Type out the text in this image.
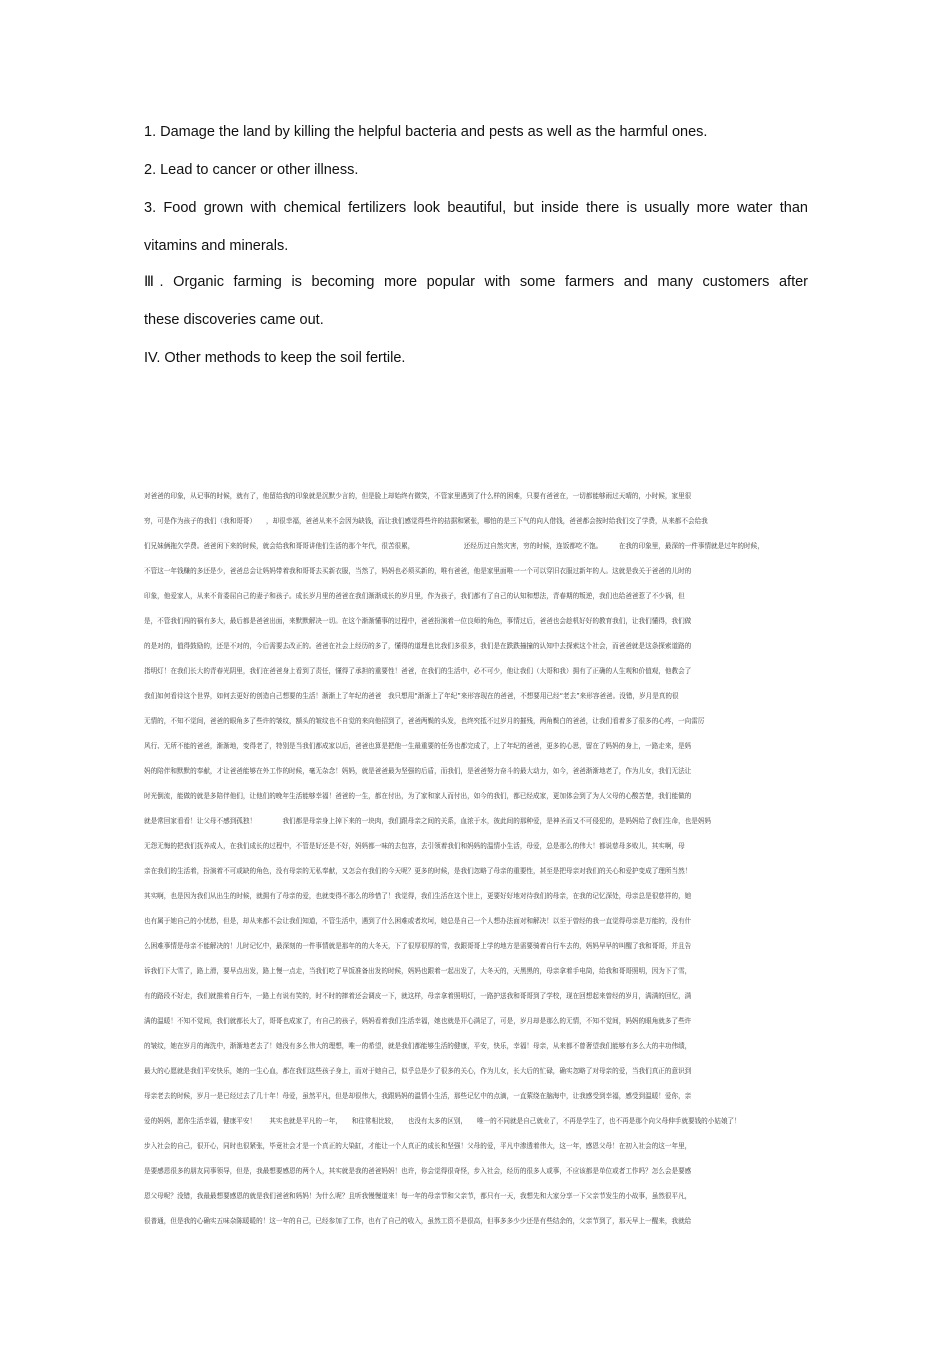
1. Damage the land by killing the helpful bacteria and pests as well as the harmful ones.
2. Lead to cancer or other illness.
3. Food grown with chemical fertilizers look beautiful, but inside there is usually more water than
vitamins and minerals.
Ⅲ. Organic farming is becoming more popular with some farmers and many customers after
these discoveries came out.
IV. Other methods to keep the soil fertile.
对爸爸的印象，从记事的时候，就有了，他留给我的印象就是沉默少言的，但是脸上却始终有微笑，不管家里遇到了什么样的困难，只要有爸爸在，一切都能够雨过天晴的，小时候，家里很
穷，可是作为孩子的我们（我和哥哥）　　，却很幸福，爸爸从来不会因为缺钱，而让我们感觉得些许的拮据和紧张，哪怕的是三下气的向人借钱，爸爸都会按时给我们交了学费，从来都不会给我
们兄妹俩拖欠学费。爸爸闲下来的时候，就会给我和哥哥讲他们生活的那个年代，很苦很累，　　　　　　　　还经历过自然灾害，穷的时候，连饭都吃不饱。　　　在我的印象里，最深的一件事情就是过年的时候，
不管这一年钱赚的多还是少，爸爸总会让妈妈带着我和哥哥去买新衣服，当然了，妈妈也必须买新的，唯有爸爸，他是家里面唯一一个可以穿旧衣服过新年的人。这就是我关于爸爸的儿时的
印象，他爱家人，从来不肯委屈自己的妻子和孩子。成长岁月里的爸爸在我们渐渐成长的岁月里，作为孩子，我们都有了自己的认知和想法，青春期的叛逆，我们也给爸爸惹了不少祸，但
是，不管我们闯的祸有多大，最后都是爸爸出面，来默默解决一切。在这个渐渐懂事的过程中，爸爸扮演着一位良师的角色，事情过后，爸爸也会趁机好好的教育我们，让我们懂得，我们做
的是对的，值得鼓励的，还是不对的，今后需要去改正的。爸爸在社会上经历的多了，懂得的道理也比我们多很多，我们是在跌跌撞撞的认知中去探索这个社会，而爸爸就是这条探索道路的
指明灯！在我们长大的青春光阴里，我们在爸爸身上看到了责任，懂得了承担的重要性！爸爸，在我们的生活中，必不可少，他让我们（大哥和我）拥有了正确的人生观和价值观，他教会了
我们如何看待这个世界，如何去更好的创造自己想要的生活！渐渐上了年纪的爸爸　我只想用“渐渐上了年纪”来形容现在的爸爸，不想要用已经“老去”来形容爸爸。没错，岁月是真的很
无情的，不知不觉间，爸爸的眼角多了些许的皱纹，额头的皱纹也不自觉的来向他招到了，爸爸两鬓的头发，也终究抵不过岁月的摧残，两角鬓白的爸爸，让我们看着多了很多的心疼，一向雷厉
风行、无所不能的爸爸，渐渐地，变得老了，特别是当我们都成家以后，爸爸也算是把他一生最重要的任务也都完成了，上了年纪的爸爸，更多的心思，留在了妈妈的身上，一路走来，是妈
妈的陪伴和默默的奉献，才让爸爸能够在外工作的时候，毫无杂念！妈妈，就是爸爸最为坚强的后盾，而我们，是爸爸努力奋斗的最大动力，如今，爸爸渐渐地老了，作为儿女，我们无法让
时光倒流，能做的就是多陪伴他们，让他们的晚年生活能够幸福！爸爸的一生，都在付出，为了家和家人而付出，如今的我们，都已经成家，更加体会到了为人父母的心酸苦楚，我们能做的
就是常回家看看！让父母不感到孤独！　　　　我们都是母亲身上掉下来的一块肉，我们跟母亲之间的关系，血浓于水，彼此间的那种爱，是神圣而又不可侵犯的，是妈妈给了我们生命，也是妈妈
无怨无悔的把我们抚养成人，在我们成长的过程中，不管是好还是不好，妈妈都一味的去包容，去引领着我们和妈妈的温情小生活，母爱，总是那么的伟大！都说慈母多败儿，其实啊，母
亲在我们的生活着，扮演着不可或缺的角色，没有母亲的无私奉献，又怎会有我们的今天呢？更多的时候，是我们忽略了母亲的重要性，甚至是把母亲对我们的关心和爱护变成了理所当然！
其实啊，也是因为我们从出生的时候，就拥有了母亲的爱，也就变得不那么的珍惜了！我觉得，我们生活在这个世上，更要好好地对待我们的母亲，在我的记忆深处，母亲总是很慈祥的，她
也有属于她自己的小忧愁，但是，却从来都不会让我们知道，不管生活中，遇到了什么困难或者坎坷，她总是自己一个人想办法面对和解决！以至于曾经的我一直觉得母亲是万能的，没有什
么困难事情是母亲不能解决的！儿时记忆中，最深刻的一件事情就是那年的的大冬天，下了很厚很厚的雪，我跟哥哥上学的地方是需要骑着自行车去的，妈妈早早的叫醒了我和哥哥，并且告
诉我们下大雪了，路上滑，要早点出发，路上慢一点走，当我们吃了早饭准备出发的时候，妈妈也跟着一起出发了，大冬天的，天黑黑的，母亲拿着手电筒，给我和哥哥照明，因为下了雪，
有的路段不好走，我们就推着自行车，一路上有说有笑的，时不时的摔着还会调皮一下，就这样，母亲拿着照明灯，一路护送我和哥哥到了学校，现在回想起来曾经的岁月，满满的回忆，满
满的温暖！不知不觉间，我们就都长大了，哥哥也成家了，有自己的孩子，妈妈看着我们生活幸福，她也就是开心满足了，可是，岁月却是那么的无情，不知不觉间，妈妈的眼角就多了些许
的皱纹，她在岁月的海洗中，渐渐地老去了！她没有多么伟大的理想，唯一的希望，就是我们都能够生活的健康，平安，快乐，幸福！母亲，从来都不曾奢望我们能够有多么大的丰功伟绩，
最大的心愿就是我们平安快乐，她的一生心血，都在我们这些孩子身上，而对于她自己，似乎总是少了很多的关心，作为儿女，长大后的忙碌，确实忽略了对母亲的爱，当我们真正的意识到
母亲老去的时候，岁月一是已经过去了几十年！母爱，虽然平凡，但是却很伟大，我跟妈妈的温情小生活，那些记忆中的点滴，一直萦绕在脑海中，让我感受到幸福，感受到温暖！爱你，亲
爱的妈妈，愿你生活幸福，健康平安！　　其实也就是平凡的一年，　　和往常相比较，　　也没有太多的区别，　　唯一的不同就是自己就业了，不再是学生了，也不再是那个向父母伸手就要钱的小姑娘了！
步入社会的自己，很开心，同时也很紧张，毕竟社会才是一个真正的大染缸，才能让一个人真正的成长和坚强！父母的爱，平凡中渗透着伟大，这一年，感恩父母！在初入社会的这一年里，
是要感恩很多的朋友同事领导，但是，我最想要感恩的两个人，其实就是我的爸爸妈妈！也许，你会觉得很奇怪，步入社会，经历的很多人或事，不应该都是单位或者工作吗？怎么会是要感
恩父母呢？没错，我最最想要感恩的就是我们爸爸和妈妈！为什么呢？且听我慢慢道来！每一年的母亲节和父亲节，都只有一天，我想先和大家分享一下父亲节发生的小故事，虽然很平凡，
很普通，但是我的心确实五味杂陈暖暖的！这一年的自己，已经参加了工作，也有了自己的收入，虽然工资不是很高，但事多多少少还是有些结余的，父亲节到了，那天早上一醒来，我就给
